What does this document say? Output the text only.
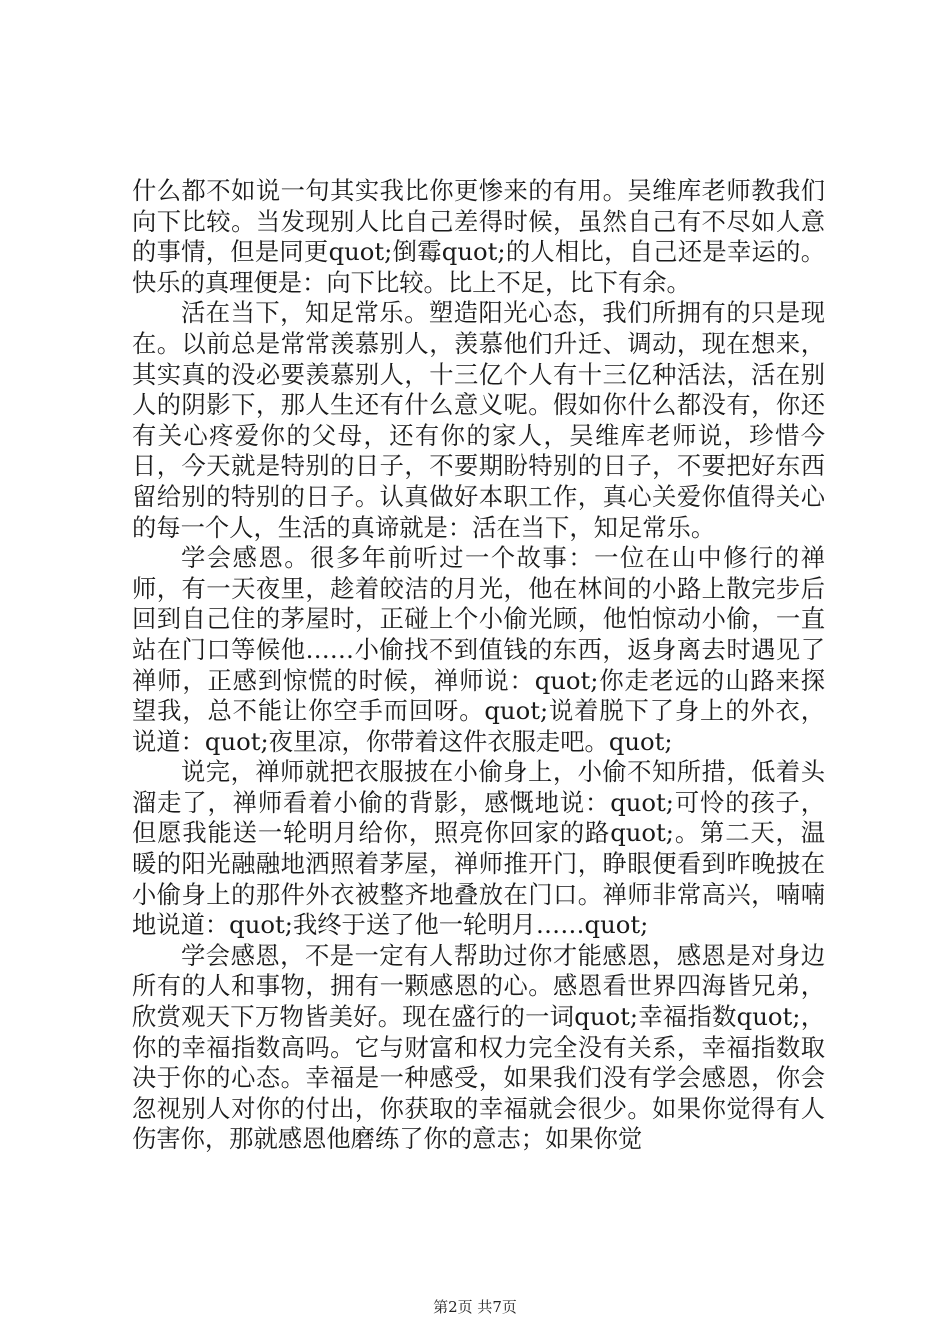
什么都不如说一句其实我比你更惨来的有用。吴维库老师教我们向下比较。当发现别人比自己差得时候，虽然自己有不尽如人意的事情，但是同更quot;倒霉quot;的人相比，自己还是幸运的。快乐的真理便是：向下比较。比上不足，比下有余。

活在当下，知足常乐。塑造阳光心态，我们所拥有的只是现在。以前总是常常羡慕别人，羡慕他们升迁、调动，现在想来，其实真的没必要羡慕别人，十三亿个人有十三亿种活法，活在别人的阴影下，那人生还有什么意义呢。假如你什么都没有，你还有关心疼爱你的父母，还有你的家人，吴维库老师说，珍惜今日，今天就是特别的日子，不要期盼特别的日子，不要把好东西留给别的特别的日子。认真做好本职工作，真心关爱你值得关心的每一个人，生活的真谛就是：活在当下，知足常乐。

学会感恩。很多年前听过一个故事：一位在山中修行的禅师，有一天夜里，趁着皎洁的月光，他在林间的小路上散完步后回到自己住的茅屋时，正碰上个小偷光顾，他怕惊动小偷，一直站在门口等候他……小偷找不到值钱的东西，返身离去时遇见了禅师，正感到惊慌的时候，禅师说：quot;你走老远的山路来探望我，总不能让你空手而回呀。quot;说着脱下了身上的外衣，说道：quot;夜里凉，你带着这件衣服走吧。quot;

说完，禅师就把衣服披在小偷身上，小偷不知所措，低着头溜走了，禅师看着小偷的背影，感慨地说：quot;可怜的孩子，但愿我能送一轮明月给你，照亮你回家的路quot;。第二天，温暖的阳光融融地洒照着茅屋，禅师推开门，睁眼便看到昨晚披在小偷身上的那件外衣被整齐地叠放在门口。禅师非常高兴，喃喃地说道：quot;我终于送了他一轮明月……quot;

学会感恩，不是一定有人帮助过你才能感恩，感恩是对身边所有的人和事物，拥有一颗感恩的心。感恩看世界四海皆兄弟，欣赏观天下万物皆美好。现在盛行的一词quot;幸福指数quot;，你的幸福指数高吗。它与财富和权力完全没有关系，幸福指数取决于你的心态。幸福是一种感受，如果我们没有学会感恩，你会忽视别人对你的付出，你获取的幸福就会很少。如果你觉得有人伤害你，那就感恩他磨练了你的意志；如果你觉

第2页 共7页
